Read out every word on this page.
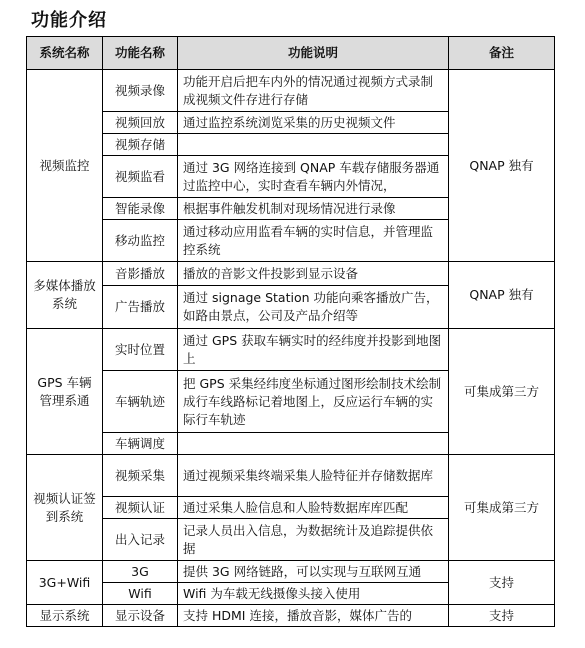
功能介绍
系统名称	功能名称	功能说明	备注
视频监控	视频录像	功能开启后把车内外的情况通过视频方式录制成视频文件存进行存储	QNAP 独有
	视频回放	通过监控系统浏览采集的历史视频文件	
	视频存储		
	视频监看	通过 3G 网络连接到 QNAP 车载存储服务器通过监控中心，实时查看车辆内外情况，	
	智能录像	根据事件触发机制对现场情况进行录像	
	移动监控	通过移动应用监看车辆的实时信息，并管理监控系统	
多媒体播放系统	音影播放	播放的音影文件投影到显示设备	QNAP 独有
	广告播放	通过 signage Station 功能向乘客播放广告，如路由景点，公司及产品介绍等	
GPS 车辆管理系通	实时位置	通过 GPS 获取车辆实时的经纬度并投影到地图上	可集成第三方
	车辆轨迹	把 GPS 采集经纬度坐标通过图形绘制技术绘制成行车线路标记着地图上，反应运行车辆的实际行车轨迹	
	车辆调度		
视频认证签到系统	视频采集	通过视频采集终端采集人脸特征并存储数据库	可集成第三方
	视频认证	通过采集人脸信息和人脸特数据库库匹配	
	出入记录	记录人员出入信息，为数据统计及追踪提供依据	
3G+Wifi	3G	提供 3G 网络链路，可以实现与互联网互通	支持
	Wifi	Wifi 为车载无线摄像头接入使用	
显示系统	显示设备	支持 HDMI 连接，播放音影，媒体广告的	支持
